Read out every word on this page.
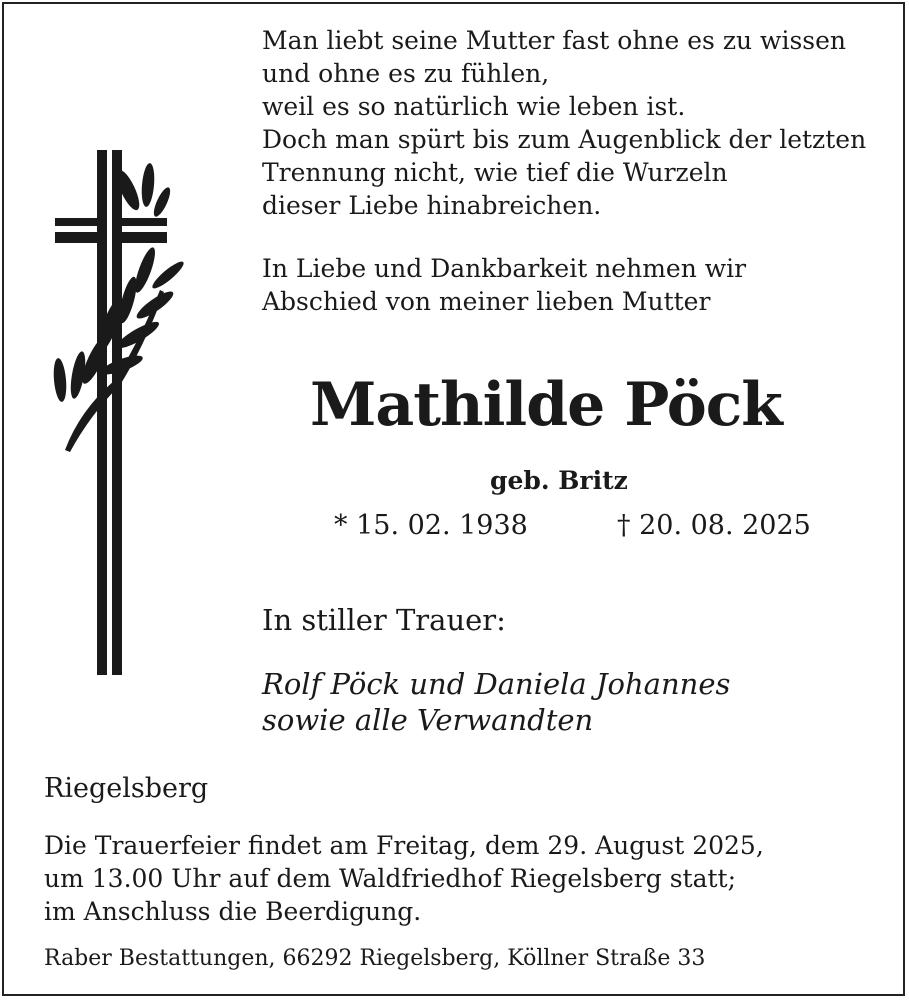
Man liebt seine Mutter fast ohne es zu wissen
und ohne es zu fühlen,
weil es so natürlich wie leben ist.
Doch man spürt bis zum Augenblick der letzten
Trennung nicht, wie tief die Wurzeln
dieser Liebe hinabreichen.
In Liebe und Dankbarkeit nehmen wir
Abschied von meiner lieben Mutter
Mathilde Pöck
geb. Britz
* 15. 02. 1938	† 20. 08. 2025
In stiller Trauer:
Rolf Pöck und Daniela Johannes
sowie alle Verwandten
Riegelsberg
Die Trauerfeier findet am Freitag, dem 29. August 2025,
um 13.00 Uhr auf dem Waldfriedhof Riegelsberg statt;
im Anschluss die Beerdigung.
Raber Bestattungen, 66292 Riegelsberg, Köllner Straße 33
